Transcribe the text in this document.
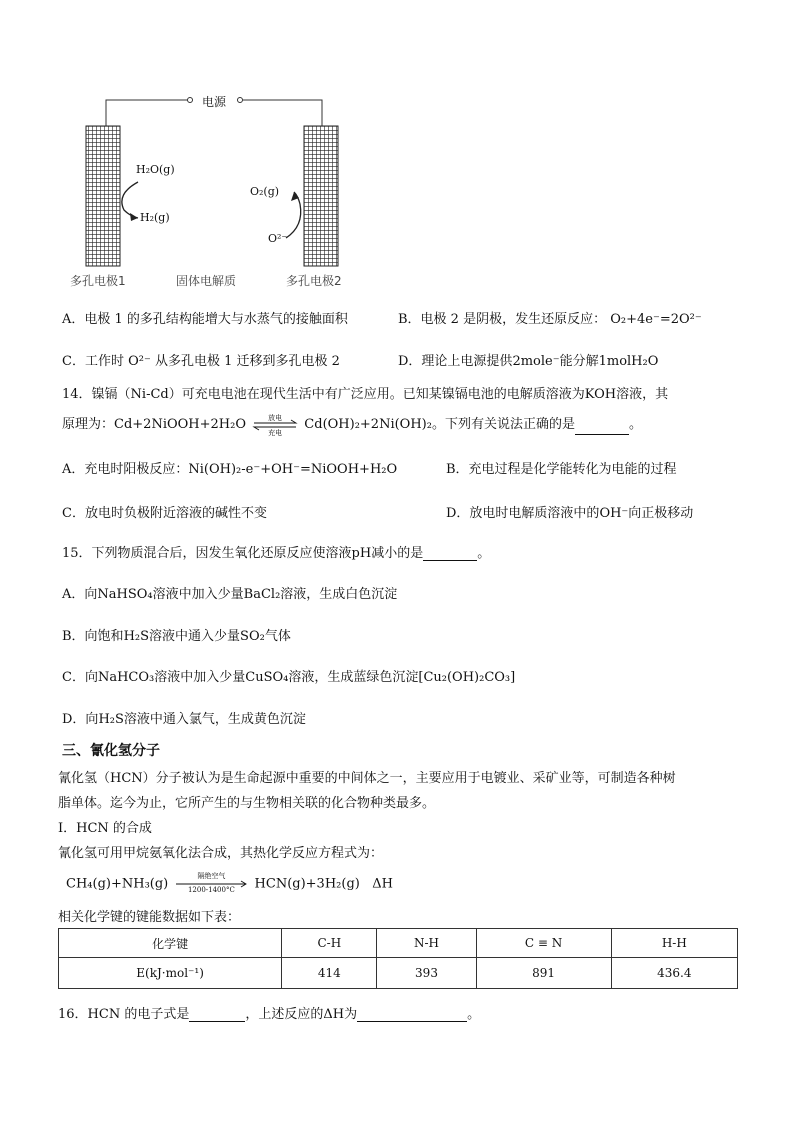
电源
H₂O(g)
H₂(g)
O₂(g)
O²⁻
多孔电极1	固体电解质	多孔电极2
A．电极 1 的多孔结构能增大与水蒸气的接触面积	B．电极 2 是阴极，发生还原反应： O₂+4e⁻=2O²⁻
C．工作时 O²⁻ 从多孔电极 1 迁移到多孔电极 2	D．理论上电源提供2mole⁻能分解1molH₂O
14．镍镉（Ni-Cd）可充电电池在现代生活中有广泛应用。已知某镍镉电池的电解质溶液为KOH溶液，其
原理为：Cd+2NiOOH+2H₂O	放电
充电
Cd(OH)₂+2Ni(OH)₂。下列有关说法正确的是	。
A．充电时阳极反应：Ni(OH)₂-e⁻+OH⁻=NiOOH+H₂O	B．充电过程是化学能转化为电能的过程
C．放电时负极附近溶液的碱性不变	D．放电时电解质溶液中的OH⁻向正极移动
15．下列物质混合后，因发生氧化还原反应使溶液pH减小的是	。
A．向NaHSO₄溶液中加入少量BaCl₂溶液，生成白色沉淀
B．向饱和H₂S溶液中通入少量SO₂气体
C．向NaHCO₃溶液中加入少量CuSO₄溶液，生成蓝绿色沉淀[Cu₂(OH)₂CO₃]
D．向H₂S溶液中通入氯气，生成黄色沉淀
三、氰化氢分子
氰化氢（HCN）分子被认为是生命起源中重要的中间体之一，主要应用于电镀业、采矿业等，可制造各种树
脂单体。迄今为止，它所产生的与生物相关联的化合物种类最多。
I．HCN 的合成
氰化氢可用甲烷氨氧化法合成，其热化学反应方程式为：
CH₄(g)+NH₃(g)
隔绝空气
1200-1400°C	HCN(g)+3H₂(g) ΔH
相关化学键的键能数据如下表：
化学键	C-H	N-H	C ≡ N	H-H
E(kJ·mol⁻¹)	414	393	891	436.4
16．HCN 的电子式是	，上述反应的ΔH为	。
